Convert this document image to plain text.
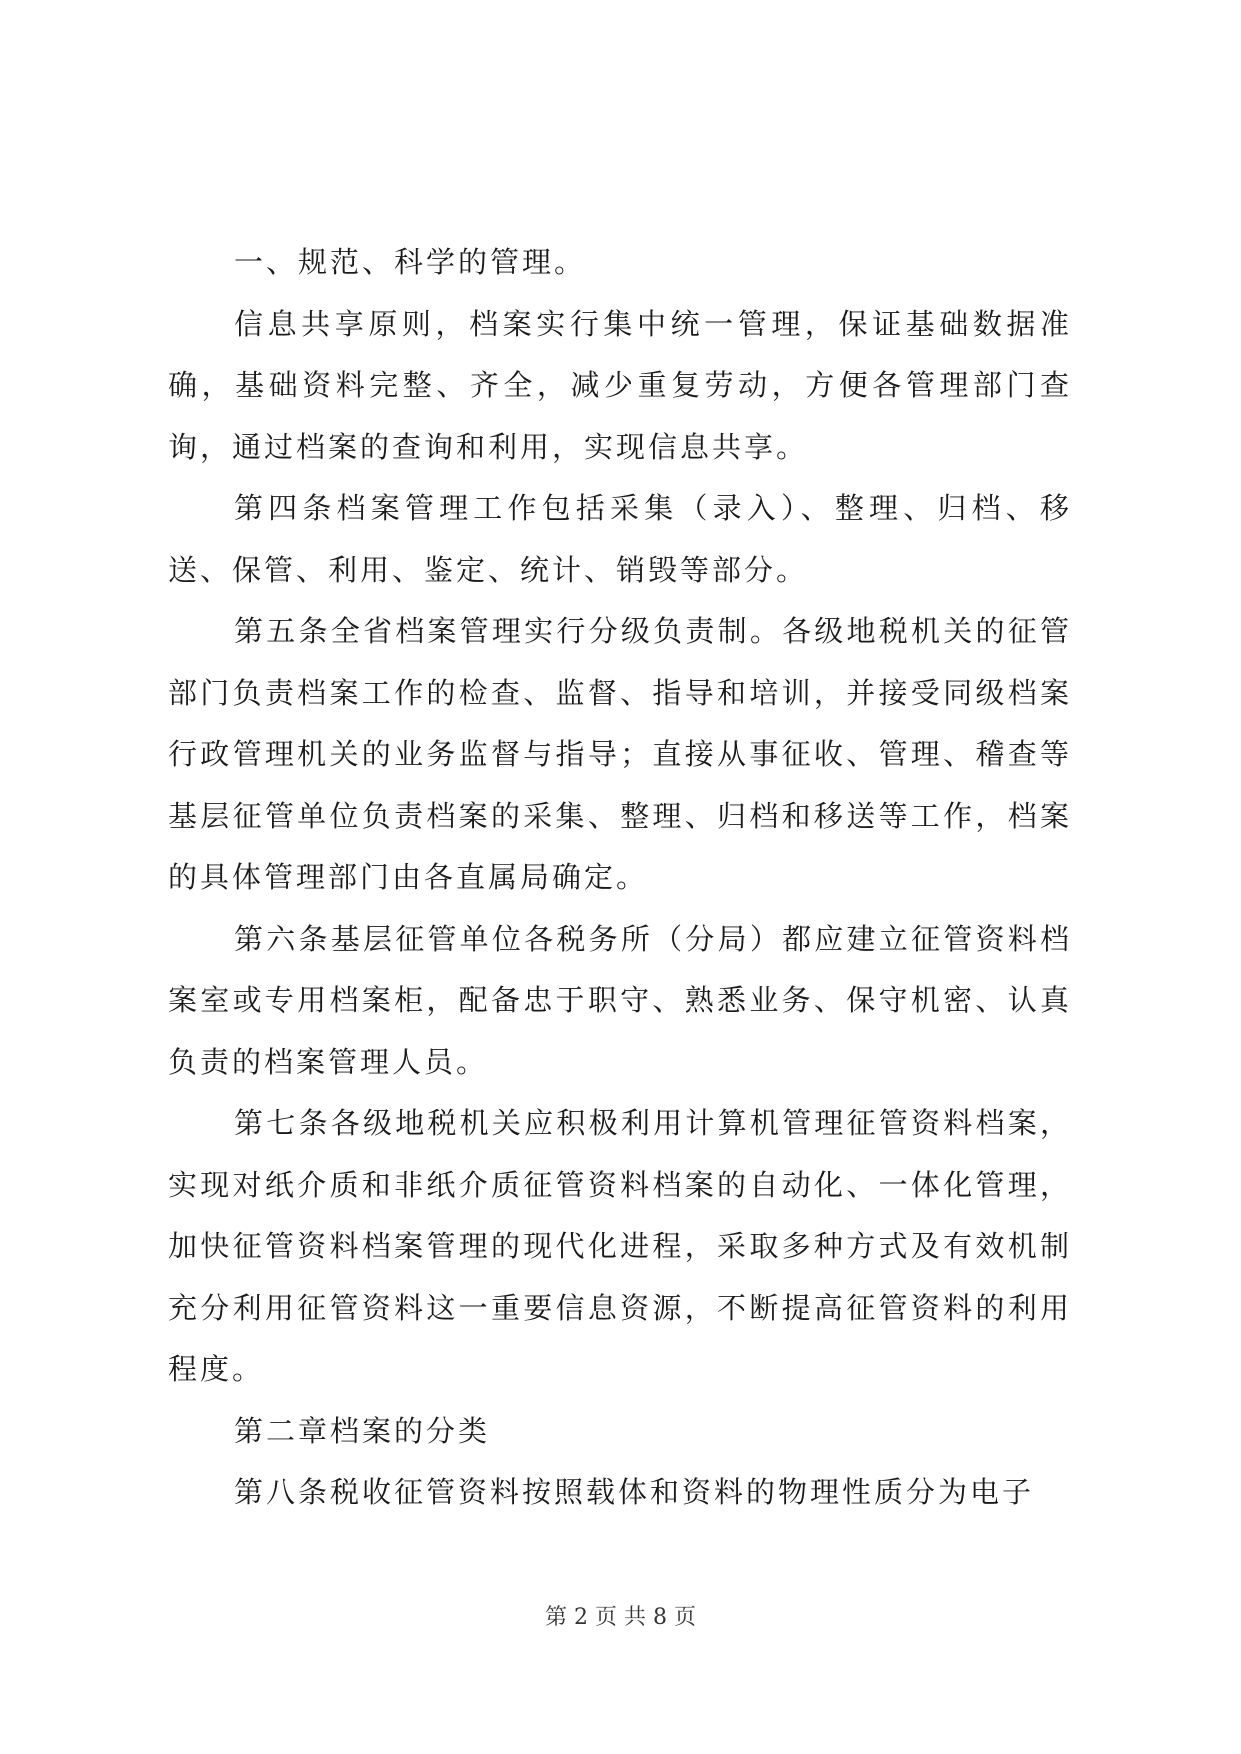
一、规范、科学的管理。

信息共享原则，档案实行集中统一管理，保证基础数据准确，基础资料完整、齐全，减少重复劳动，方便各管理部门查询，通过档案的查询和利用，实现信息共享。

第四条档案管理工作包括采集（录入）、整理、归档、移送、保管、利用、鉴定、统计、销毁等部分。

第五条全省档案管理实行分级负责制。各级地税机关的征管部门负责档案工作的检查、监督、指导和培训，并接受同级档案行政管理机关的业务监督与指导；直接从事征收、管理、稽查等基层征管单位负责档案的采集、整理、归档和移送等工作，档案的具体管理部门由各直属局确定。

第六条基层征管单位各税务所（分局）都应建立征管资料档案室或专用档案柜，配备忠于职守、熟悉业务、保守机密、认真负责的档案管理人员。

第七条各级地税机关应积极利用计算机管理征管资料档案，实现对纸介质和非纸介质征管资料档案的自动化、一体化管理，加快征管资料档案管理的现代化进程，采取多种方式及有效机制充分利用征管资料这一重要信息资源，不断提高征管资料的利用程度。

第二章档案的分类

第八条税收征管资料按照载体和资料的物理性质分为电子

第 2 页 共 8 页
